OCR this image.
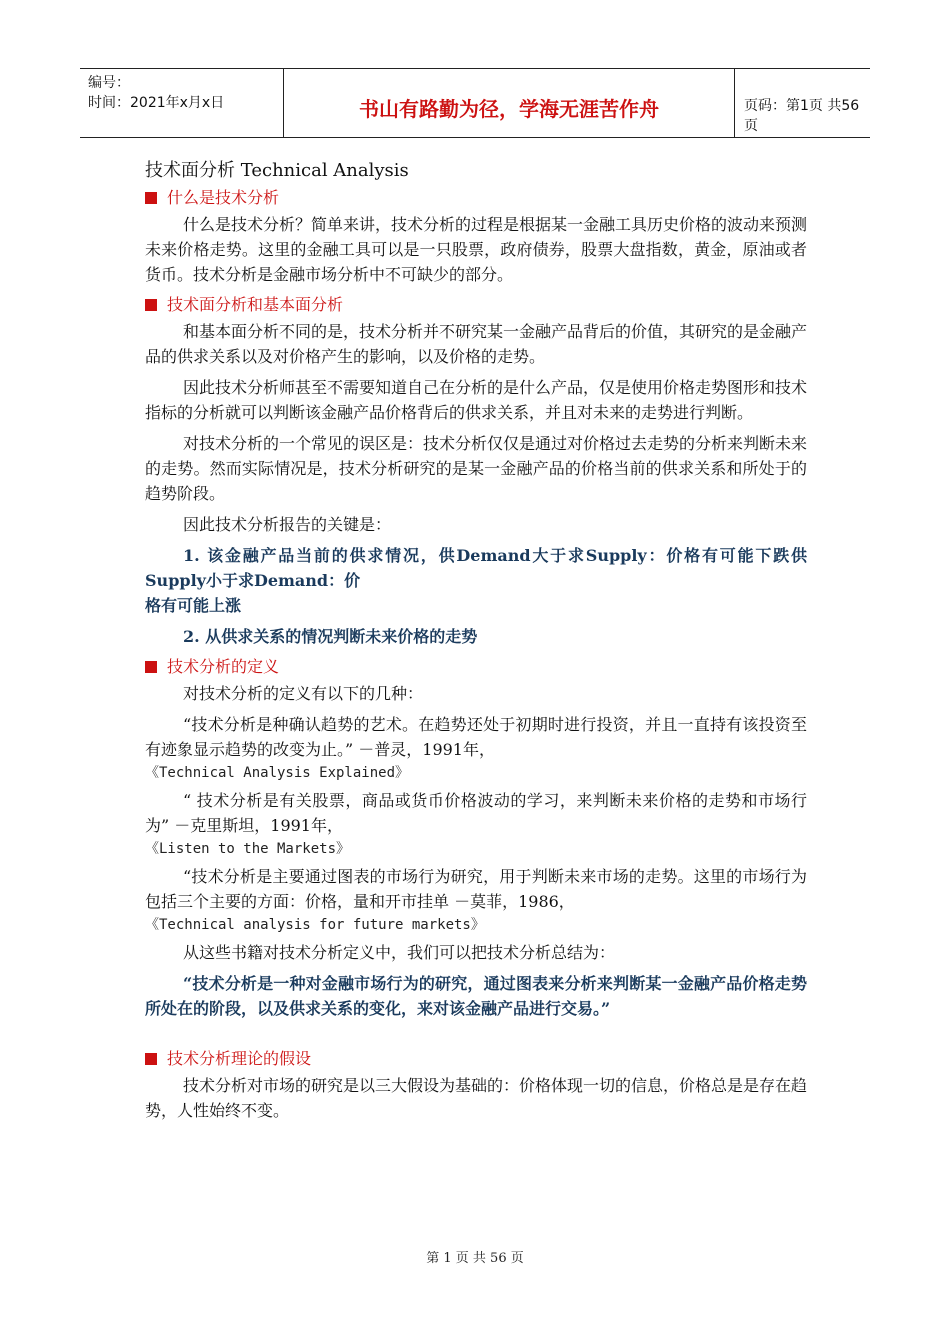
编号：
时间：2021年x月x日	书山有路勤为径，学海无涯苦作舟	页码：第1页 共56页
技术面分析 Technical Analysis
什么是技术分析

什么是技术分析？简单来讲，技术分析的过程是根据某一金融工具历史价格的波动来预测未来价格走势。这里的金融工具可以是一只股票，政府债券，股票大盘指数，黄金，原油或者货币。技术分析是金融市场分析中不可缺少的部分。

技术面分析和基本面分析

和基本面分析不同的是，技术分析并不研究某一金融产品背后的价值，其研究的是金融产品的供求关系以及对价格产生的影响，以及价格的走势。

因此技术分析师甚至不需要知道自己在分析的是什么产品，仅是使用价格走势图形和技术指标的分析就可以判断该金融产品价格背后的供求关系，并且对未来的走势进行判断。

对技术分析的一个常见的误区是：技术分析仅仅是通过对价格过去走势的分析来判断未来的走势。然而实际情况是，技术分析研究的是某一金融产品的价格当前的供求关系和所处于的趋势阶段。

因此技术分析报告的关键是：

1. 该金融产品当前的供求情况，供Demand大于求Supply：价格有可能下跌供Supply小于求Demand：价

格有可能上涨

2. 从供求关系的情况判断未来价格的走势

技术分析的定义

对技术分析的定义有以下的几种：

“技术分析是种确认趋势的艺术。在趋势还处于初期时进行投资，并且一直持有该投资至有迹象显示趋势的改变为止。” －普灵，1991年，

《Technical Analysis Explained》

“ 技术分析是有关股票，商品或货币价格波动的学习，来判断未来价格的走势和市场行为” －克里斯坦，1991年，

《Listen to the Markets》

“技术分析是主要通过图表的市场行为研究，用于判断未来市场的走势。这里的市场行为包括三个主要的方面：价格，量和开市挂单 －莫菲，1986，

《Technical analysis for future markets》

从这些书籍对技术分析定义中，我们可以把技术分析总结为：

“技术分析是一种对金融市场行为的研究，通过图表来分析来判断某一金融产品价格走势所处在的阶段，以及供求关系的变化，来对该金融产品进行交易。”

技术分析理论的假设

技术分析对市场的研究是以三大假设为基础的：价格体现一切的信息，价格总是是存在趋势，人性始终不变。

第 1 页 共 56 页
